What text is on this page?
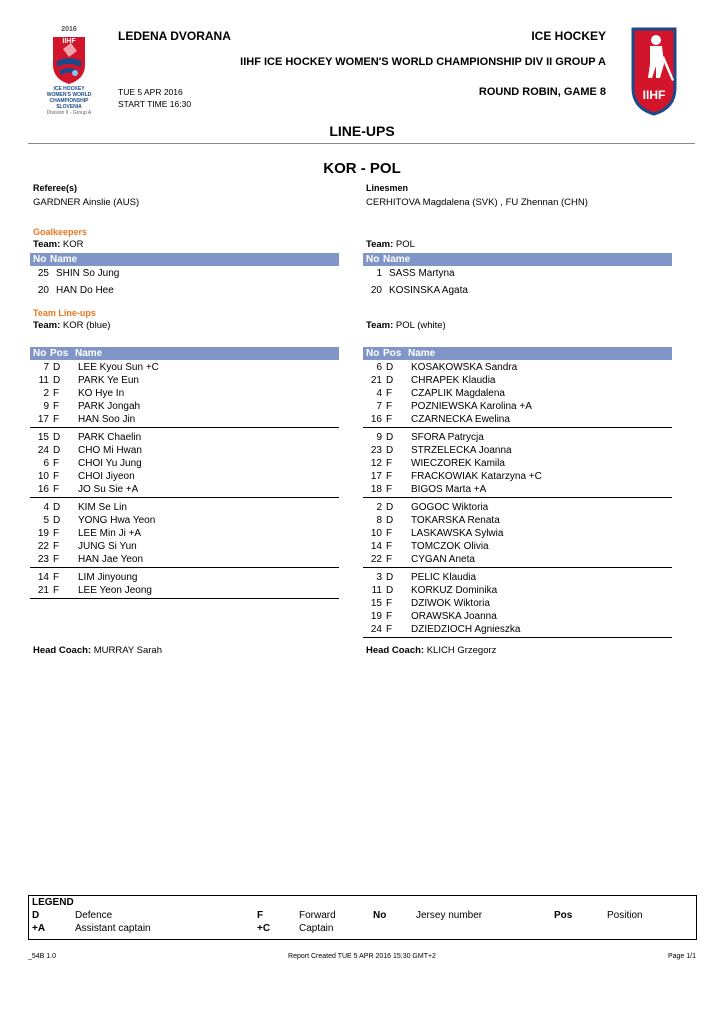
2016
IIHF
ICE HOCKEY
WOMEN'S WORLD
CHAMPIONSHIP
SLOVENIA
Division II - Group A
IIHF
LEDENA DVORANA	ICE HOCKEY
IIHF ICE HOCKEY WOMEN'S WORLD CHAMPIONSHIP DIV II GROUP A
TUE 5 APR 2016
START TIME 16:30
ROUND ROBIN, GAME 8
LINE-UPS
KOR - POL
Referee(s)
GARDNER Ainslie (AUS)
Linesmen
CERHITOVA Magdalena (SVK) , FU Zhennan (CHN)
Goalkeepers
Team: KOR	Team: POL
No Name	No Name
25 SHIN So Jung
20 HAN Do Hee
1 SASS Martyna
20 KOSINSKA Agata
Team Line-ups
Team: KOR (blue)	Team: POL (white)
No Pos Name	No Pos Name
7 D LEE Kyou Sun +C
11 D PARK Ye Eun
2 F KO Hye In
9 F PARK Jongah
17 F HAN Soo Jin
15 D PARK Chaelin
24 D CHO Mi Hwan
6 F CHOI Yu Jung
10 F CHOI Jiyeon
16 F JO Su Sie +A
4 D KIM Se Lin
5 D YONG Hwa Yeon
19 F LEE Min Ji +A
22 F JUNG Si Yun
23 F HAN Jae Yeon
14 F LIM Jinyoung
21 F LEE Yeon Jeong
6 D KOSAKOWSKA Sandra
21 D CHRAPEK Klaudia
4 F CZAPLIK Magdalena
7 F POZNIEWSKA Karolina +A
16 F CZARNECKA Ewelina
9 D SFORA Patrycja
23 D STRZELECKA Joanna
12 F WIECZOREK Kamila
17 F FRACKOWIAK Katarzyna +C
18 F BIGOS Marta +A
2 D GOGOC Wiktoria
8 D TOKARSKA Renata
10 F LASKAWSKA Sylwia
14 F TOMCZOK Olivia
22 F CYGAN Aneta
3 D PELIC Klaudia
11 D KORKUZ Dominika
15 F DZIWOK Wiktoria
19 F ORAWSKA Joanna
24 F DZIEDZIOCH Agnieszka
Head Coach: MURRAY Sarah	Head Coach: KLICH Grzegorz
LEGEND
D	Defence	F	Forward	No	Jersey number	Pos	Position
+A	Assistant captain	+C	Captain
_54B 1.0	Report Created TUE 5 APR 2016 15:30 GMT+2	Page 1/1
